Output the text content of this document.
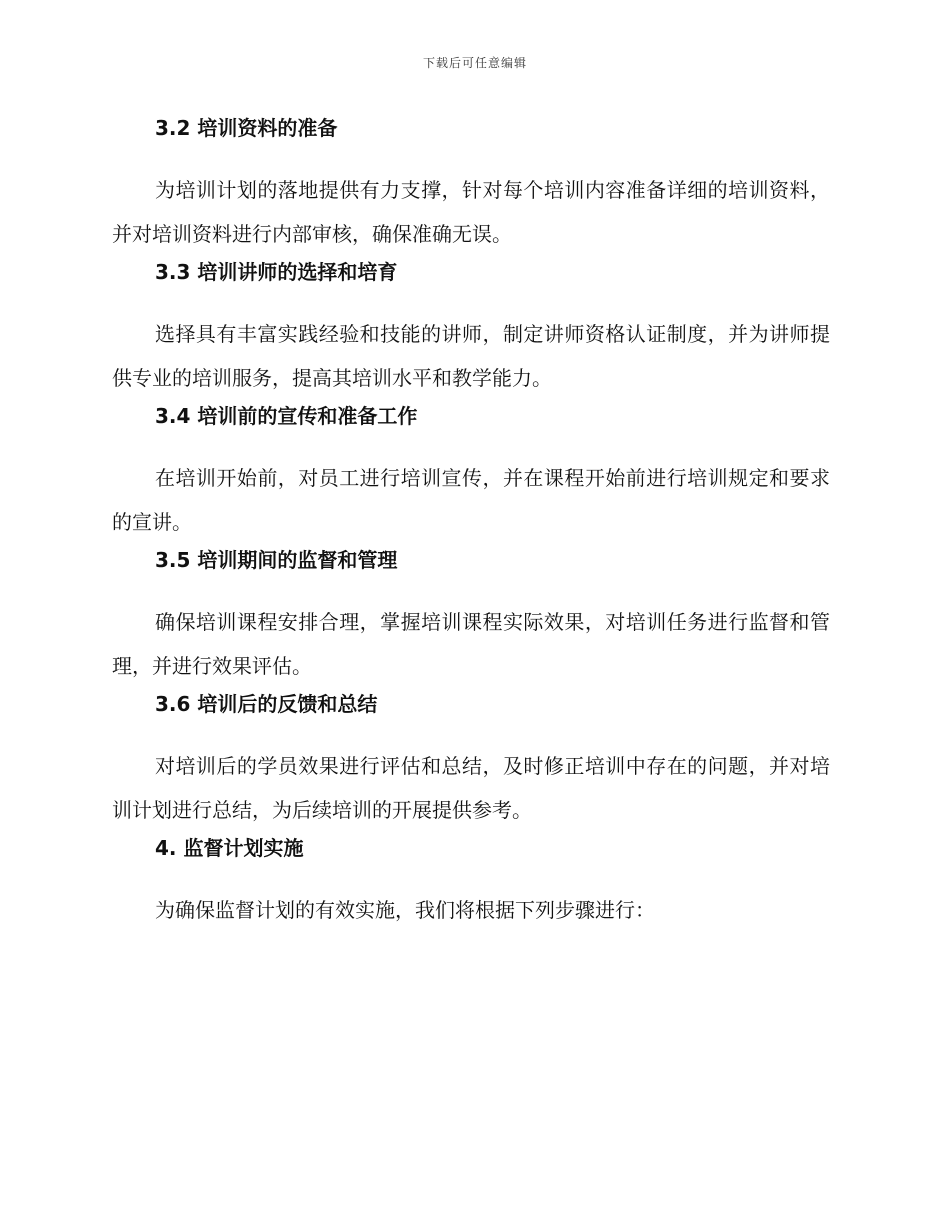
下载后可任意编辑
3.2 培训资料的准备

为培训计划的落地提供有力支撑，针对每个培训内容准备详细的培训资料，并对培训资料进行内部审核，确保准确无误。

3.3 培训讲师的选择和培育

选择具有丰富实践经验和技能的讲师，制定讲师资格认证制度，并为讲师提供专业的培训服务，提高其培训水平和教学能力。

3.4 培训前的宣传和准备工作

在培训开始前，对员工进行培训宣传，并在课程开始前进行培训规定和要求的宣讲。

3.5 培训期间的监督和管理

确保培训课程安排合理，掌握培训课程实际效果，对培训任务进行监督和管理，并进行效果评估。

3.6 培训后的反馈和总结

对培训后的学员效果进行评估和总结，及时修正培训中存在的问题，并对培训计划进行总结，为后续培训的开展提供参考。

4. 监督计划实施

为确保监督计划的有效实施，我们将根据下列步骤进行：
